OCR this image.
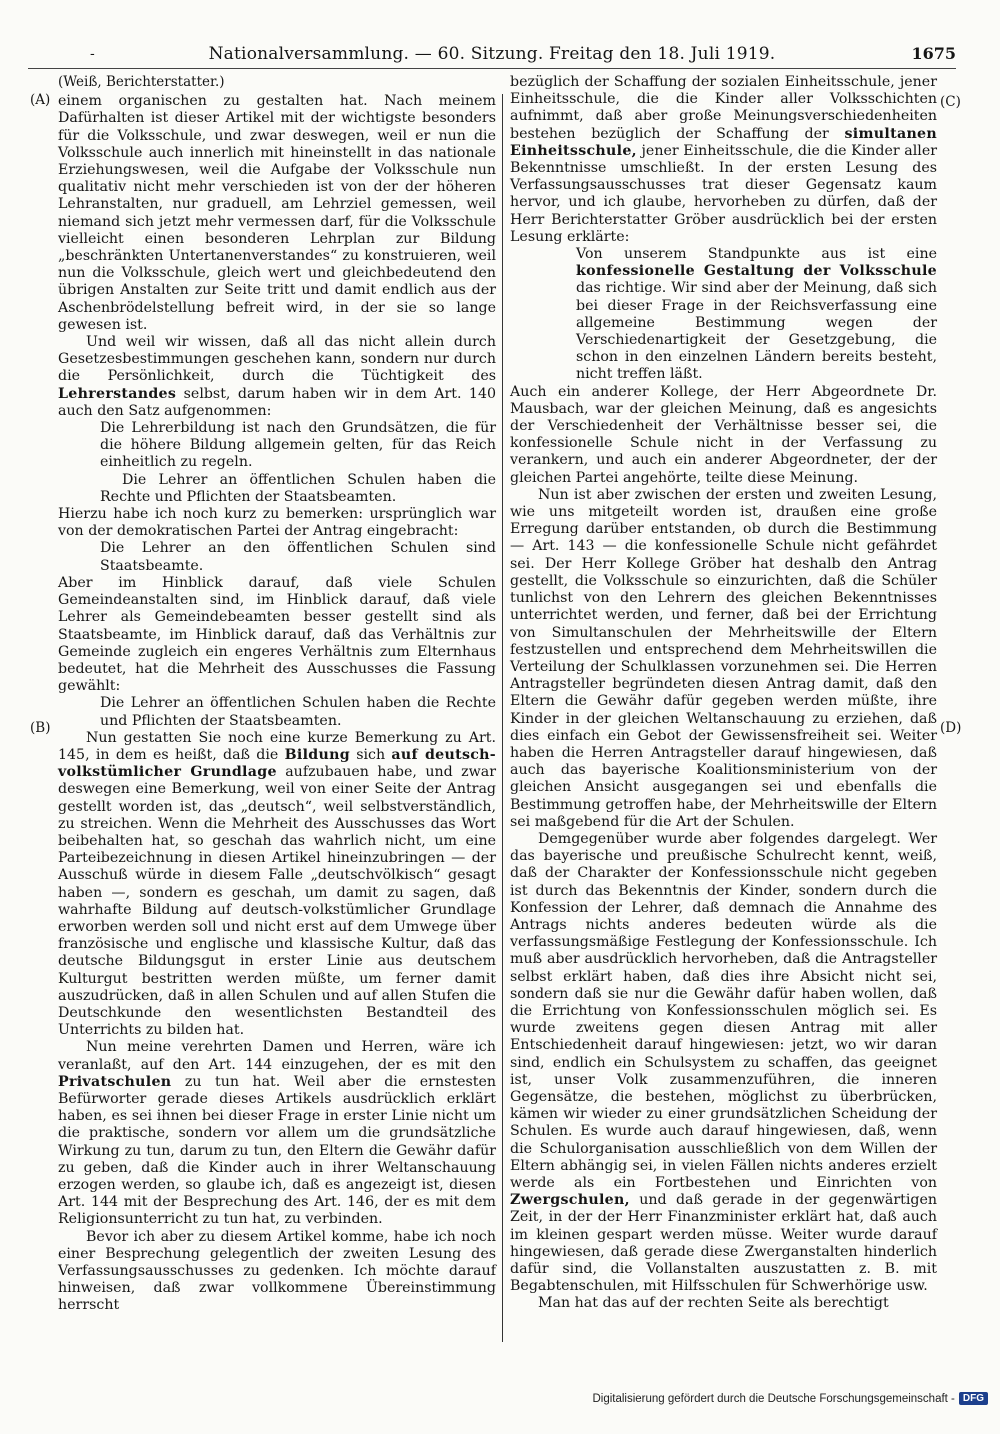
-	Nationalversammlung. — 60. Sitzung. Freitag den 18. Juli 1919.	1675
(A)
(B)
(C)
(D)
(Weiß, Berichterstatter.)

einem organischen zu gestalten hat. Nach meinem Dafürhalten ist dieser Artikel mit der wichtigste besonders für die Volksschule, und zwar deswegen, weil er nun die Volksschule auch innerlich mit hineinstellt in das nationale Erziehungswesen, weil die Aufgabe der Volksschule nun qualitativ nicht mehr verschieden ist von der der höheren Lehranstalten, nur graduell, am Lehrziel gemessen, weil niemand sich jetzt mehr vermessen darf, für die Volksschule vielleicht einen besonderen Lehrplan zur Bildung „beschränkten Untertanenverstandes“ zu konstruieren, weil nun die Volksschule, gleich wert und gleichbedeutend den übrigen Anstalten zur Seite tritt und damit endlich aus der Aschenbrödelstellung befreit wird, in der sie so lange gewesen ist.

Und weil wir wissen, daß all das nicht allein durch Gesetzesbestimmungen geschehen kann, sondern nur durch die Persönlichkeit, durch die Tüchtigkeit des Lehrerstandes selbst, darum haben wir in dem Art. 140 auch den Satz aufgenommen:

Die Lehrerbildung ist nach den Grundsätzen, die für die höhere Bildung allgemein gelten, für das Reich einheitlich zu regeln.

Die Lehrer an öffentlichen Schulen haben die Rechte und Pflichten der Staatsbeamten.

Hierzu habe ich noch kurz zu bemerken: ursprünglich war von der demokratischen Partei der Antrag eingebracht:

Die Lehrer an den öffentlichen Schulen sind Staatsbeamte.

Aber im Hinblick darauf, daß viele Schulen Gemeindeanstalten sind, im Hinblick darauf, daß viele Lehrer als Gemeindebeamten besser gestellt sind als Staatsbeamte, im Hinblick darauf, daß das Verhältnis zur Gemeinde zugleich ein engeres Verhältnis zum Elternhaus bedeutet, hat die Mehrheit des Ausschusses die Fassung gewählt:

Die Lehrer an öffentlichen Schulen haben die Rechte und Pflichten der Staatsbeamten.

Nun gestatten Sie noch eine kurze Bemerkung zu Art. 145, in dem es heißt, daß die Bildung sich auf deutsch-volkstümlicher Grundlage aufzubauen habe, und zwar deswegen eine Bemerkung, weil von einer Seite der Antrag gestellt worden ist, das „deutsch“, weil selbstverständlich, zu streichen. Wenn die Mehrheit des Ausschusses das Wort beibehalten hat, so geschah das wahrlich nicht, um eine Parteibezeichnung in diesen Artikel hineinzubringen — der Ausschuß würde in diesem Falle „deutschvölkisch“ gesagt haben —, sondern es geschah, um damit zu sagen, daß wahrhafte Bildung auf deutsch-volkstümlicher Grundlage erworben werden soll und nicht erst auf dem Umwege über französische und englische und klassische Kultur, daß das deutsche Bildungsgut in erster Linie aus deutschem Kulturgut bestritten werden müßte, um ferner damit auszudrücken, daß in allen Schulen und auf allen Stufen die Deutschkunde den wesentlichsten Bestandteil des Unterrichts zu bilden hat.

Nun meine verehrten Damen und Herren, wäre ich veranlaßt, auf den Art. 144 einzugehen, der es mit den Privatschulen zu tun hat. Weil aber die ernstesten Befürworter gerade dieses Artikels ausdrücklich erklärt haben, es sei ihnen bei dieser Frage in erster Linie nicht um die praktische, sondern vor allem um die grundsätzliche Wirkung zu tun, darum zu tun, den Eltern die Gewähr dafür zu geben, daß die Kinder auch in ihrer Weltanschauung erzogen werden, so glaube ich, daß es angezeigt ist, diesen Art. 144 mit der Besprechung des Art. 146, der es mit dem Religionsunterricht zu tun hat, zu verbinden.

Bevor ich aber zu diesem Artikel komme, habe ich noch einer Besprechung gelegentlich der zweiten Lesung des Verfassungsausschusses zu gedenken. Ich möchte darauf hinweisen, daß zwar vollkommene Übereinstimmung herrscht

bezüglich der Schaffung der sozialen Einheitsschule, jener Einheitsschule, die die Kinder aller Volksschichten aufnimmt, daß aber große Meinungsverschiedenheiten bestehen bezüglich der Schaffung der simultanen Einheitsschule, jener Einheitsschule, die die Kinder aller Bekenntnisse umschließt. In der ersten Lesung des Verfassungsausschusses trat dieser Gegensatz kaum hervor, und ich glaube, hervorheben zu dürfen, daß der Herr Berichterstatter Gröber ausdrücklich bei der ersten Lesung erklärte:

Von unserem Standpunkte aus ist eine konfessionelle Gestaltung der Volksschule das richtige. Wir sind aber der Meinung, daß sich bei dieser Frage in der Reichsverfassung eine allgemeine Bestimmung wegen der Verschiedenartigkeit der Gesetzgebung, die schon in den einzelnen Ländern bereits besteht, nicht treffen läßt.

Auch ein anderer Kollege, der Herr Abgeordnete Dr. Mausbach, war der gleichen Meinung, daß es angesichts der Verschiedenheit der Verhältnisse besser sei, die konfessionelle Schule nicht in der Verfassung zu verankern, und auch ein anderer Abgeordneter, der der gleichen Partei angehörte, teilte diese Meinung.

Nun ist aber zwischen der ersten und zweiten Lesung, wie uns mitgeteilt worden ist, draußen eine große Erregung darüber entstanden, ob durch die Bestimmung — Art. 143 — die konfessionelle Schule nicht gefährdet sei. Der Herr Kollege Gröber hat deshalb den Antrag gestellt, die Volksschule so einzurichten, daß die Schüler tunlichst von den Lehrern des gleichen Bekenntnisses unterrichtet werden, und ferner, daß bei der Errichtung von Simultanschulen der Mehrheitswille der Eltern festzustellen und entsprechend dem Mehrheitswillen die Verteilung der Schulklassen vorzunehmen sei. Die Herren Antragsteller begründeten diesen Antrag damit, daß den Eltern die Gewähr dafür gegeben werden müßte, ihre Kinder in der gleichen Weltanschauung zu erziehen, daß dies einfach ein Gebot der Gewissensfreiheit sei. Weiter haben die Herren Antragsteller darauf hingewiesen, daß auch das bayerische Koalitionsministerium von der gleichen Ansicht ausgegangen sei und ebenfalls die Bestimmung getroffen habe, der Mehrheitswille der Eltern sei maßgebend für die Art der Schulen.

Demgegenüber wurde aber folgendes dargelegt. Wer das bayerische und preußische Schulrecht kennt, weiß, daß der Charakter der Konfessionsschule nicht gegeben ist durch das Bekenntnis der Kinder, sondern durch die Konfession der Lehrer, daß demnach die Annahme des Antrags nichts anderes bedeuten würde als die verfassungsmäßige Festlegung der Konfessionsschule. Ich muß aber ausdrücklich hervorheben, daß die Antragsteller selbst erklärt haben, daß dies ihre Absicht nicht sei, sondern daß sie nur die Gewähr dafür haben wollen, daß die Errichtung von Konfessionsschulen möglich sei. Es wurde zweitens gegen diesen Antrag mit aller Entschiedenheit darauf hingewiesen: jetzt, wo wir daran sind, endlich ein Schulsystem zu schaffen, das geeignet ist, unser Volk zusammenzuführen, die inneren Gegensätze, die bestehen, möglichst zu überbrücken, kämen wir wieder zu einer grundsätzlichen Scheidung der Schulen. Es wurde auch darauf hingewiesen, daß, wenn die Schulorganisation ausschließlich von dem Willen der Eltern abhängig sei, in vielen Fällen nichts anderes erzielt werde als ein Fortbestehen und Einrichten von Zwergschulen, und daß gerade in der gegenwärtigen Zeit, in der der Herr Finanzminister erklärt hat, daß auch im kleinen gespart werden müsse. Weiter wurde darauf hingewiesen, daß gerade diese Zwerganstalten hinderlich dafür sind, die Vollanstalten auszustatten z. B. mit Begabtenschulen, mit Hilfsschulen für Schwerhörige usw.

Man hat das auf der rechten Seite als berechtigt

Digitalisierung gefördert durch die Deutsche Forschungsgemeinschaft - DFG
